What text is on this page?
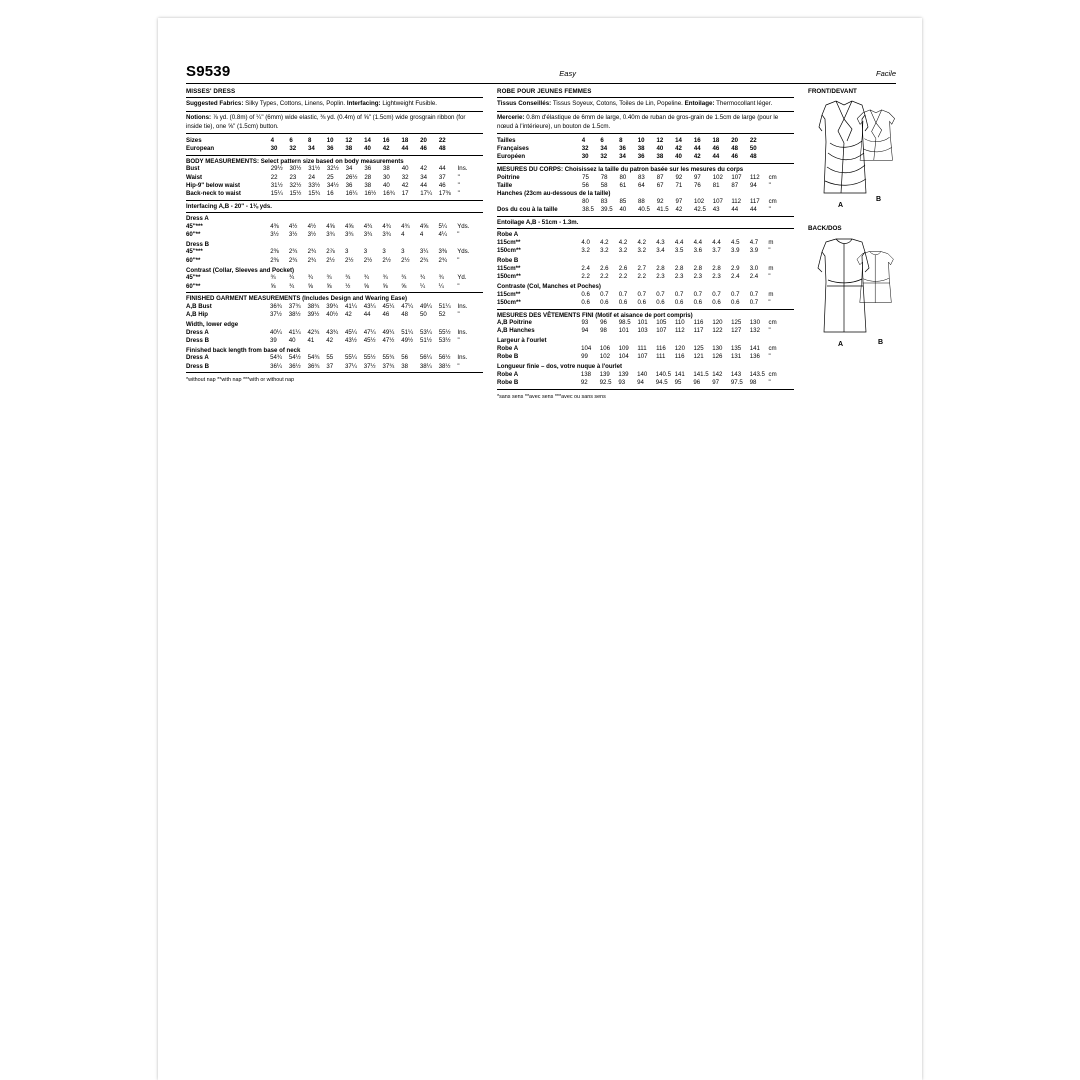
S9539	Easy	Facile
MISSES' DRESS
Suggested Fabrics: Silky Types, Cottons, Linens, Poplin. Interfacing: Lightweight Fusible.
Notions: ⅞ yd. (0.8m) of ¼" (6mm) wide elastic, ⅜ yd. (0.4m) of ⅝" (1.5cm) wide grosgrain ribbon (for inside tie), one ⅝" (1.5cm) button.
Sizes	4	6	8	10	12	14	16	18	20	22	
European	30	32	34	36	38	40	42	44	46	48	
BODY MEASUREMENTS: Select pattern size based on body measurements
Bust	29½	30½	31½	32½	34	36	38	40	42	44	Ins.
Waist	22	23	24	25	26½	28	30	32	34	37	"
Hip-9" below waist	31½	32½	33½	34½	36	38	40	42	44	46	"
Back-neck to waist	15¼	15½	15¾	16	16¼	16½	16¾	17	17¼	17⅜	"
Interfacing A,B - 20" - 1⅜ yds.
Dress A
45"***	4⅜	4½	4½	4⅝	4⅝	4¾	4¾	4¾	4⅝	5¼	Yds.
60"**	3½	3½	3½	3¾	3¾	3¾	3¾	4	4	4¼	"
Dress B
45"***	2⅜	2¾	2¾	2⅞	3	3	3	3	3¼	3⅜	Yds.
60"**	2⅜	2¾	2¾	2½	2½	2½	2½	2½	2¾	2¾	"
Contrast (Collar, Sleeves and Pocket)
45"**	¾	¾	¾	¾	¾	¾	¾	¾	¾	¾	Yd.
60"**	⅝	¾	⅝	⅝	½	⅝	⅝	⅝	¼	¼	"
FINISHED GARMENT MEASUREMENTS (Includes Design and Wearing Ease)
A,B Bust	36¾	37¾	38¾	39¾	41¼	43¼	45¼	47¼	49¼	51¼	Ins.
A,B Hip	37½	38½	39½	40½	42	44	46	48	50	52	"
Width, lower edge
Dress A	40¼	41¼	42¾	43¾	45¼	47¼	49¼	51¼	53¼	55½	Ins.
Dress B	39	40	41	42	43½	45½	47½	49½	51½	53½	"
Finished back length from base of neck
Dress A	54¾	54½	54¾	55	55¼	55½	55¾	56	56¼	56½	Ins.
Dress B	36¼	36½	36¾	37	37¼	37½	37¾	38	38¼	38½	"
*without nap **with nap ***with or without nap
ROBE POUR JEUNES FEMMES
Tissus Conseillés: Tissus Soyeux, Cotons, Toiles de Lin, Popeline. Entoilage: Thermocollant léger.
Mercerie: 0.8m d'élastique de 6mm de large, 0.40m de ruban de gros-grain de 1.5cm de large (pour le nœud à l'intérieure), un bouton de 1.5cm.
Tailles	4	6	8	10	12	14	16	18	20	22	
Françaises	32	34	36	38	40	42	44	46	48	50	
Européen	30	32	34	36	38	40	42	44	46	48	
MESURES DU CORPS: Choisissez la taille du patron basée sur les mesures du corps
Poitrine	75	78	80	83	87	92	97	102	107	112	cm
Taille	56	58	61	64	67	71	76	81	87	94	"
Hanches (23cm au-dessous de la taille)											
	80	83	85	88	92	97	102	107	112	117	cm
Dos du cou à la taille	38.5	39.5	40	40.5	41.5	42	42.5	43	44	44	"
Entoilage A,B - 51cm - 1.3m.
Robe A
115cm**	4.0	4.2	4.2	4.2	4.3	4.4	4.4	4.4	4.5	4.7	m
150cm**	3.2	3.2	3.2	3.2	3.4	3.5	3.6	3.7	3.9	3.9	"
Robe B
115cm**	2.4	2.6	2.6	2.7	2.8	2.8	2.8	2.8	2.9	3.0	m
150cm**	2.2	2.2	2.2	2.2	2.3	2.3	2.3	2.3	2.4	2.4	"
Contraste (Col, Manches et Poches)
115cm**	0.6	0.7	0.7	0.7	0.7	0.7	0.7	0.7	0.7	0.7	m
150cm**	0.6	0.6	0.6	0.6	0.6	0.6	0.6	0.6	0.6	0.7	"
MESURES DES VÊTEMENTS FINI (Motif et aisance de port compris)
A,B Poitrine	93	96	98.5	101	105	110	116	120	125	130	cm
A,B Hanches	94	98	101	103	107	112	117	122	127	132	"
Largeur à l'ourlet
Robe A	104	106	109	111	116	120	125	130	135	141	cm
Robe B	99	102	104	107	111	116	121	126	131	136	"
Longueur finie – dos, votre nuque à l'ourlet
Robe A	138	139	139	140	140.5	141	141.5	142	143	143.5	cm
Robe B	92	92.5	93	94	94.5	95	96	97	97.5	98	"
*sans sens **avec sens ***avec ou sans sens
FRONT/DEVANT
A
B
BACK/DOS
A	B
